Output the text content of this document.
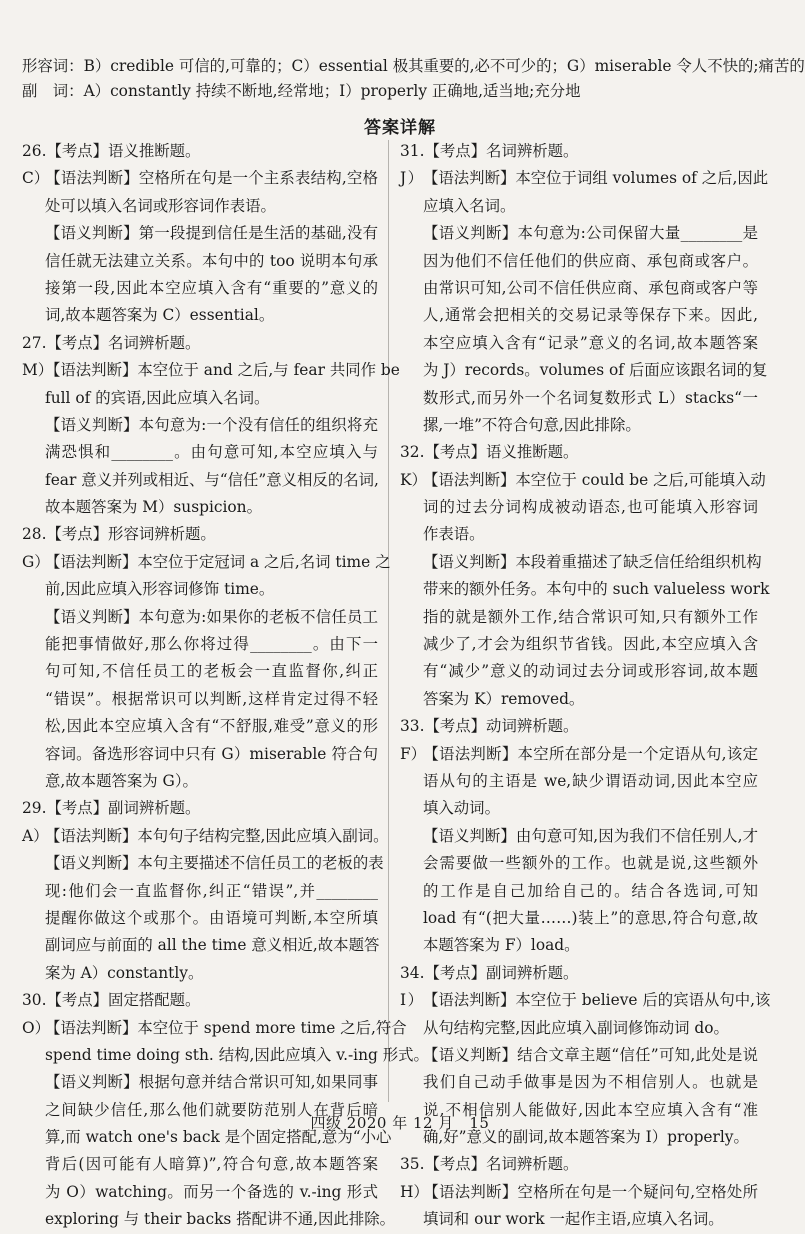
形容词：B）credible 可信的,可靠的；C）essential 极其重要的,必不可少的；G）miserable 令人不快的;痛苦的
副　词：A）constantly 持续不断地,经常地；I）properly 正确地,适当地;充分地
答案详解
26.【考点】语义推断题。
C）【语法判断】空格所在句是一个主系表结构,空格
处可以填入名词或形容词作表语。
【语义判断】第一段提到信任是生活的基础,没有
信任就无法建立关系。本句中的 too 说明本句承
接第一段,因此本空应填入含有“重要的”意义的
词,故本题答案为 C）essential。
27.【考点】名词辨析题。
M）【语法判断】本空位于 and 之后,与 fear 共同作 be
full of 的宾语,因此应填入名词。
【语义判断】本句意为:一个没有信任的组织将充
满恐惧和________。由句意可知,本空应填入与
fear 意义并列或相近、与“信任”意义相反的名词,
故本题答案为 M）suspicion。
28.【考点】形容词辨析题。
G）【语法判断】本空位于定冠词 a 之后,名词 time 之
前,因此应填入形容词修饰 time。
【语义判断】本句意为:如果你的老板不信任员工
能把事情做好,那么你将过得________。由下一
句可知,不信任员工的老板会一直监督你,纠正
“错误”。根据常识可以判断,这样肯定过得不轻
松,因此本空应填入含有“不舒服,难受”意义的形
容词。备选形容词中只有 G）miserable 符合句
意,故本题答案为 G）。
29.【考点】副词辨析题。
A）【语法判断】本句句子结构完整,因此应填入副词。
【语义判断】本句主要描述不信任员工的老板的表
现:他们会一直监督你,纠正“错误”,并________
提醒你做这个或那个。由语境可判断,本空所填
副词应与前面的 all the time 意义相近,故本题答
案为 A）constantly。
30.【考点】固定搭配题。
O）【语法判断】本空位于 spend more time 之后,符合
spend time doing sth. 结构,因此应填入 v.-ing 形式。
【语义判断】根据句意并结合常识可知,如果同事
之间缺少信任,那么他们就要防范别人在背后暗
算,而 watch one's back 是个固定搭配,意为“小心
背后(因可能有人暗算)”,符合句意,故本题答案
为 O）watching。而另一个备选的 v.-ing 形式
exploring 与 their backs 搭配讲不通,因此排除。
31.【考点】名词辨析题。
J）【语法判断】本空位于词组 volumes of 之后,因此
应填入名词。
【语义判断】本句意为:公司保留大量________是
因为他们不信任他们的供应商、承包商或客户。
由常识可知,公司不信任供应商、承包商或客户等
人,通常会把相关的交易记录等保存下来。因此,
本空应填入含有“记录”意义的名词,故本题答案
为 J）records。volumes of 后面应该跟名词的复
数形式,而另外一个名词复数形式 L）stacks“一
摞,一堆”不符合句意,因此排除。
32.【考点】语义推断题。
K）【语法判断】本空位于 could be 之后,可能填入动
词的过去分词构成被动语态,也可能填入形容词
作表语。
【语义判断】本段着重描述了缺乏信任给组织机构
带来的额外任务。本句中的 such valueless work
指的就是额外工作,结合常识可知,只有额外工作
减少了,才会为组织节省钱。因此,本空应填入含
有“减少”意义的动词过去分词或形容词,故本题
答案为 K）removed。
33.【考点】动词辨析题。
F）【语法判断】本空所在部分是一个定语从句,该定
语从句的主语是 we,缺少谓语动词,因此本空应
填入动词。
【语义判断】由句意可知,因为我们不信任别人,才
会需要做一些额外的工作。也就是说,这些额外
的工作是自己加给自己的。结合各选词,可知
load 有“(把大量……)装上”的意思,符合句意,故
本题答案为 F）load。
34.【考点】副词辨析题。
I）【语法判断】本空位于 believe 后的宾语从句中,该
从句结构完整,因此应填入副词修饰动词 do。
【语义判断】结合文章主题“信任”可知,此处是说
我们自己动手做事是因为不相信别人。也就是
说,不相信别人能做好,因此本空应填入含有“准
确,好”意义的副词,故本题答案为 I）properly。
35.【考点】名词辨析题。
H）【语法判断】空格所在句是一个疑问句,空格处所
填词和 our work 一起作主语,应填入名词。
四级 2020 年 12 月　15
